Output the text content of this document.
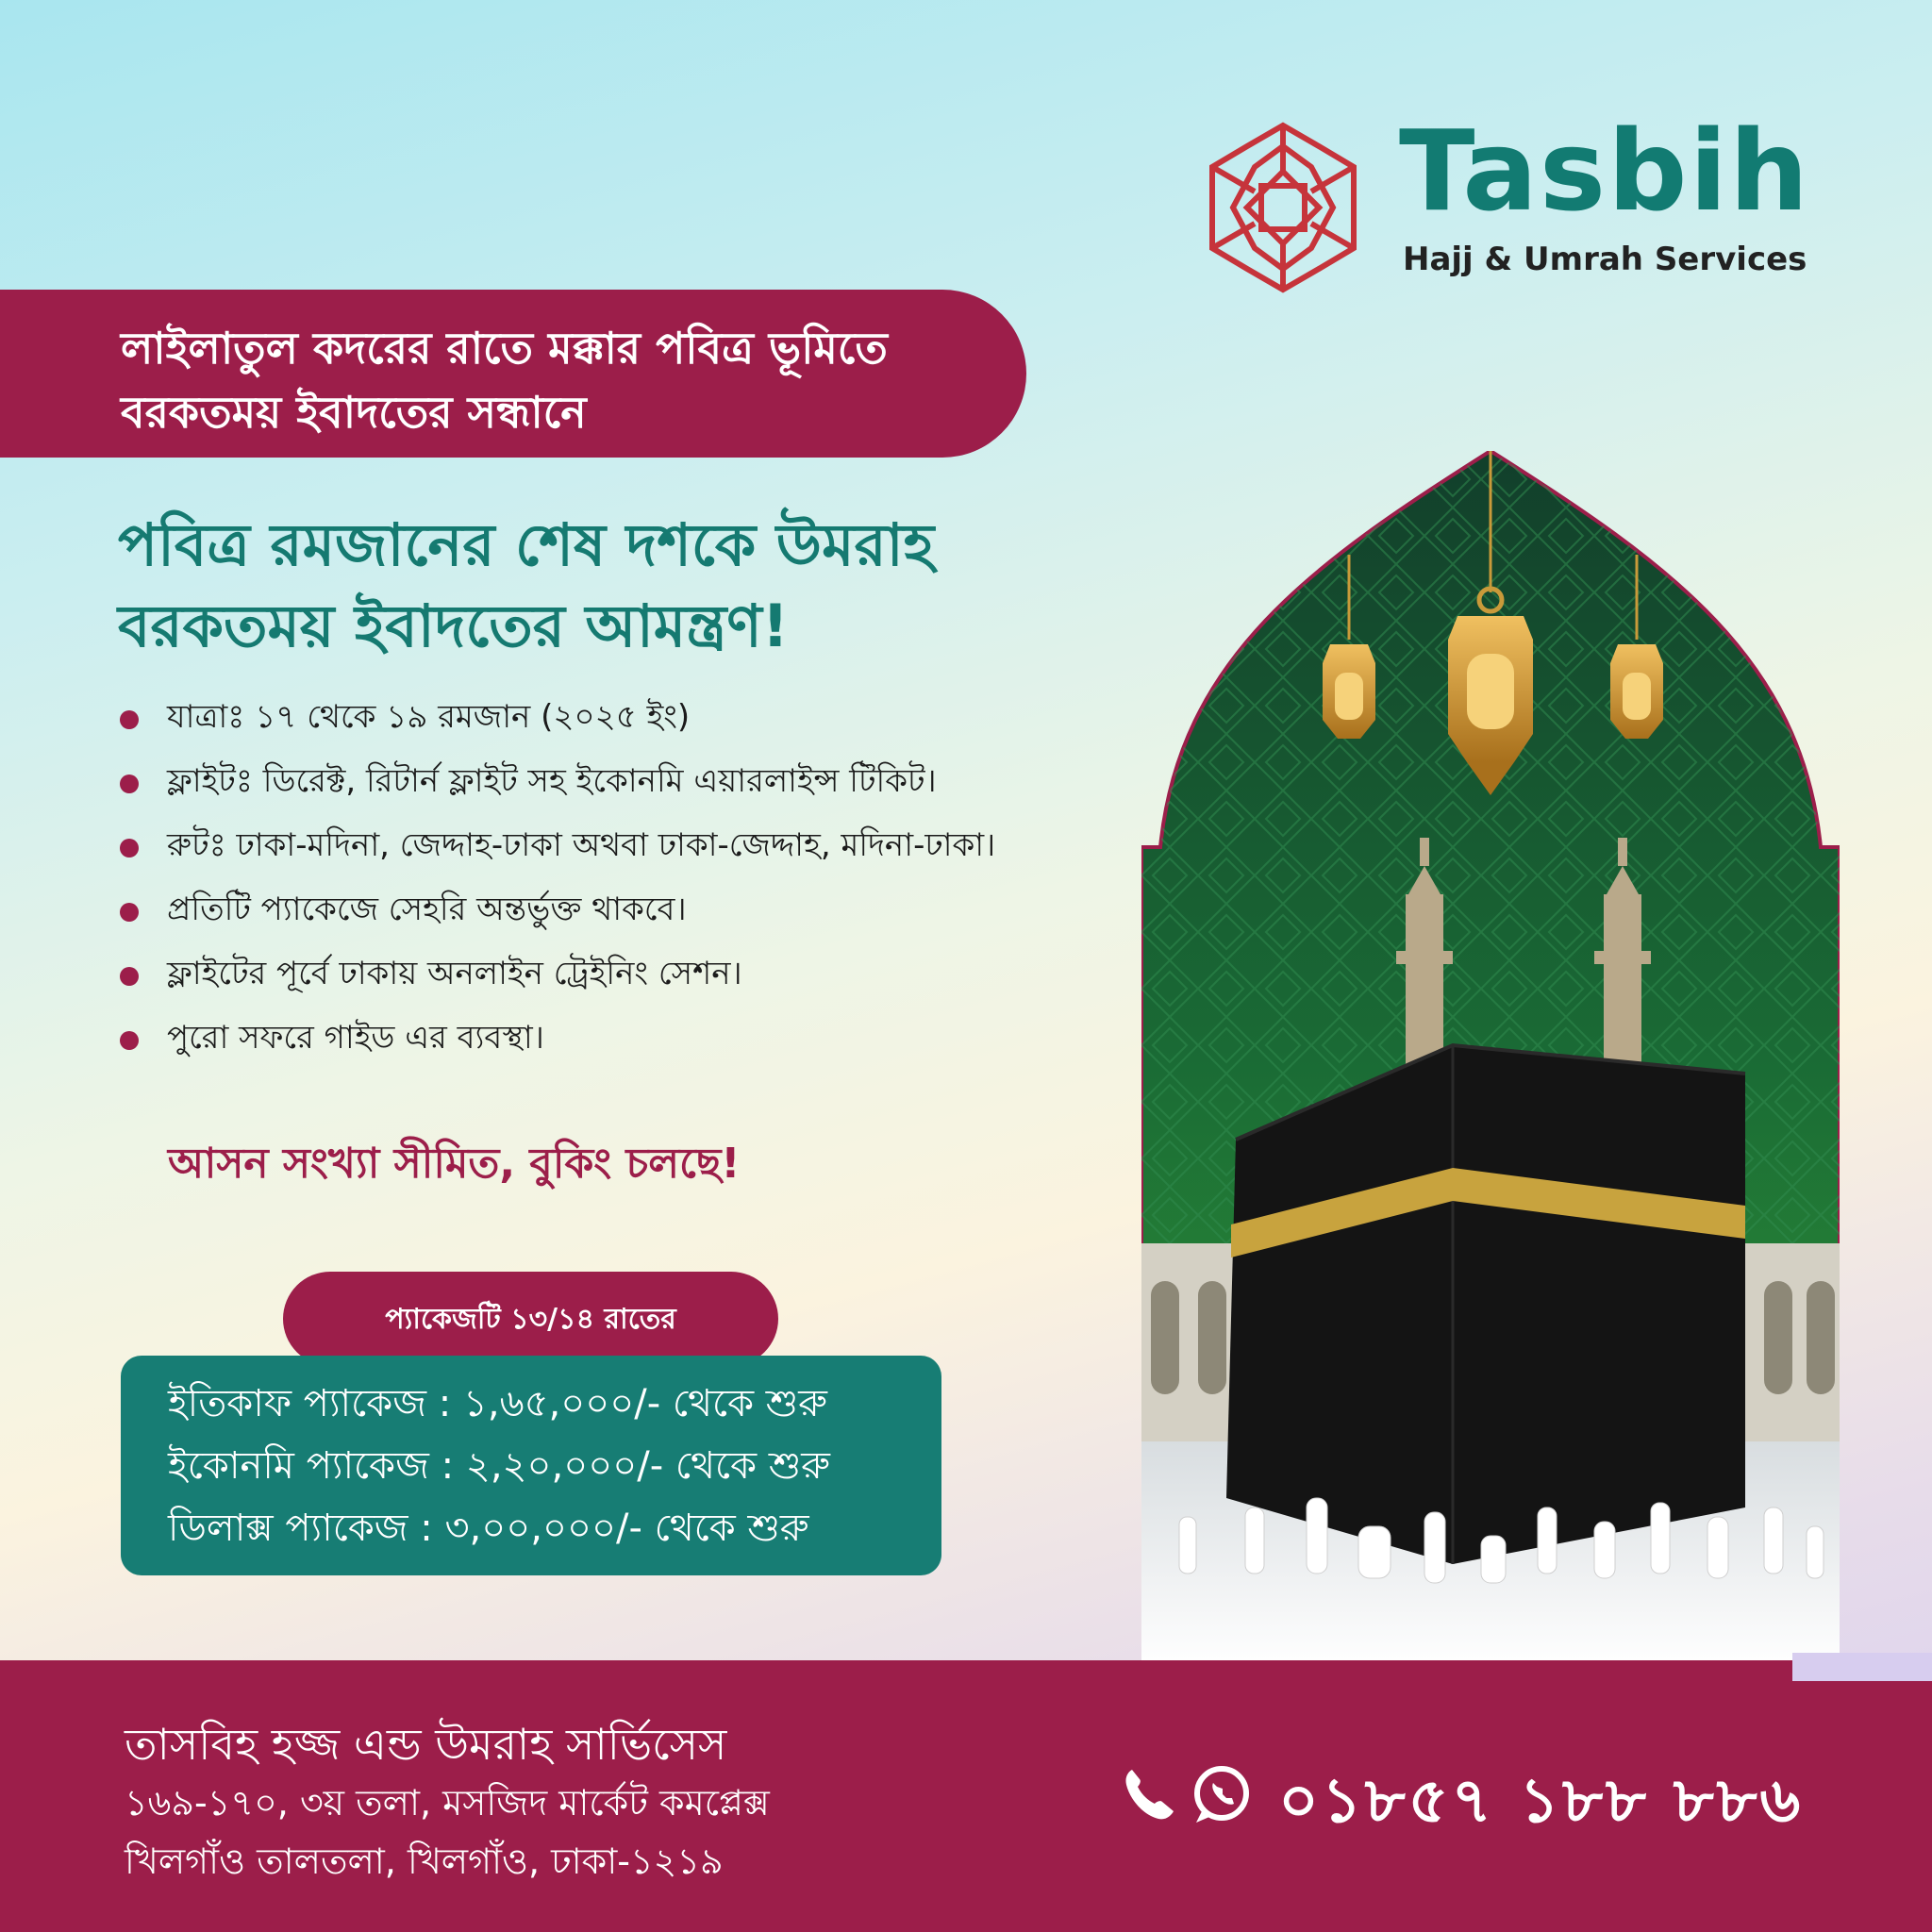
Tasbih
Hajj & Umrah Services
লাইলাতুল কদরের রাতে মক্কার পবিত্র ভূমিতে
বরকতময় ইবাদতের সন্ধানে
পবিত্র রমজানের শেষ দশকে উমরাহ
বরকতময় ইবাদতের আমন্ত্রণ!
যাত্রাঃ ১৭ থেকে ১৯ রমজান (২০২৫ ইং)
ফ্লাইটঃ ডিরেক্ট, রিটার্ন ফ্লাইট সহ ইকোনমি এয়ারলাইন্স টিকিট।
রুটঃ ঢাকা-মদিনা, জেদ্দাহ-ঢাকা অথবা ঢাকা-জেদ্দাহ, মদিনা-ঢাকা।
প্রতিটি প্যাকেজে সেহরি অন্তর্ভুক্ত থাকবে।
ফ্লাইটের পূর্বে ঢাকায় অনলাইন ট্রেইনিং সেশন।
পুরো সফরে গাইড এর ব্যবস্থা।
আসন সংখ্যা সীমিত, বুকিং চলছে!
প্যাকেজটি ১৩/১৪ রাতের
ইতিকাফ প্যাকেজ : ১,৬৫,০০০/- থেকে শুরু
ইকোনমি প্যাকেজ : ২,২০,০০০/- থেকে শুরু
ডিলাক্স প্যাকেজ : ৩,০০,০০০/- থেকে শুরু
তাসবিহ হজ্জ এন্ড উমরাহ সার্ভিসেস
১৬৯-১৭০, ৩য় তলা, মসজিদ মার্কেট কমপ্লেক্স
খিলগাঁও তালতলা, খিলগাঁও, ঢাকা-১২১৯
০১৮৫৭ ১৮৮ ৮৮৬
